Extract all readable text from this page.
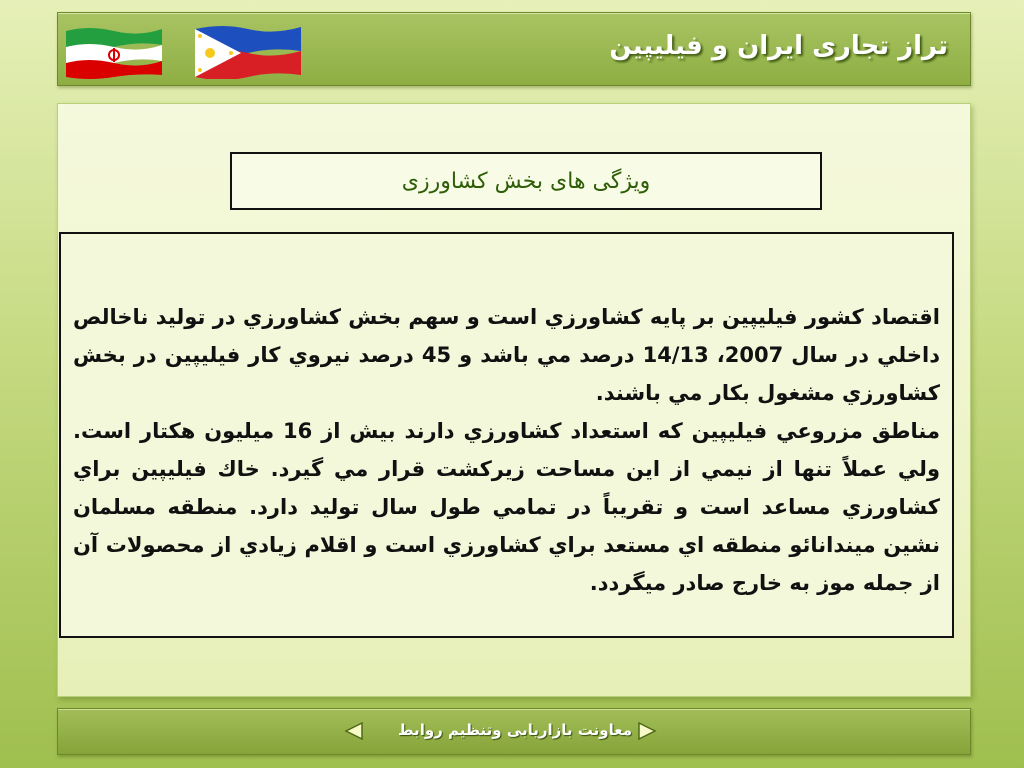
تراز تجاری ایران و فیلیپین
ویژگی های بخش کشاورزی

اقتصاد كشور فيليپين بر پايه كشاورزي است و سهم بخش كشاورزي در توليد ناخالص داخلي در سال 2007، 14/13 درصد مي باشد و 45 درصد نيروي كار فيليپين در بخش كشاورزي مشغول بكار مي باشند.

مناطق مزروعي فيليپين كه استعداد كشاورزي دارند بيش از 16 ميليون هكتار است. ولي عملاً تنها از نيمي از اين مساحت زيركشت قرار مي گيرد. خاك فيليپين براي كشاورزي مساعد است و تقريباً در تمامي طول سال توليد دارد. منطقه مسلمان نشين ميندانائو منطقه اي مستعد براي كشاورزي است و اقلام زيادي از محصولات آن از جمله موز به خارج صادر ميگردد.

معاونت بازاریابی وتنظیم روابط
